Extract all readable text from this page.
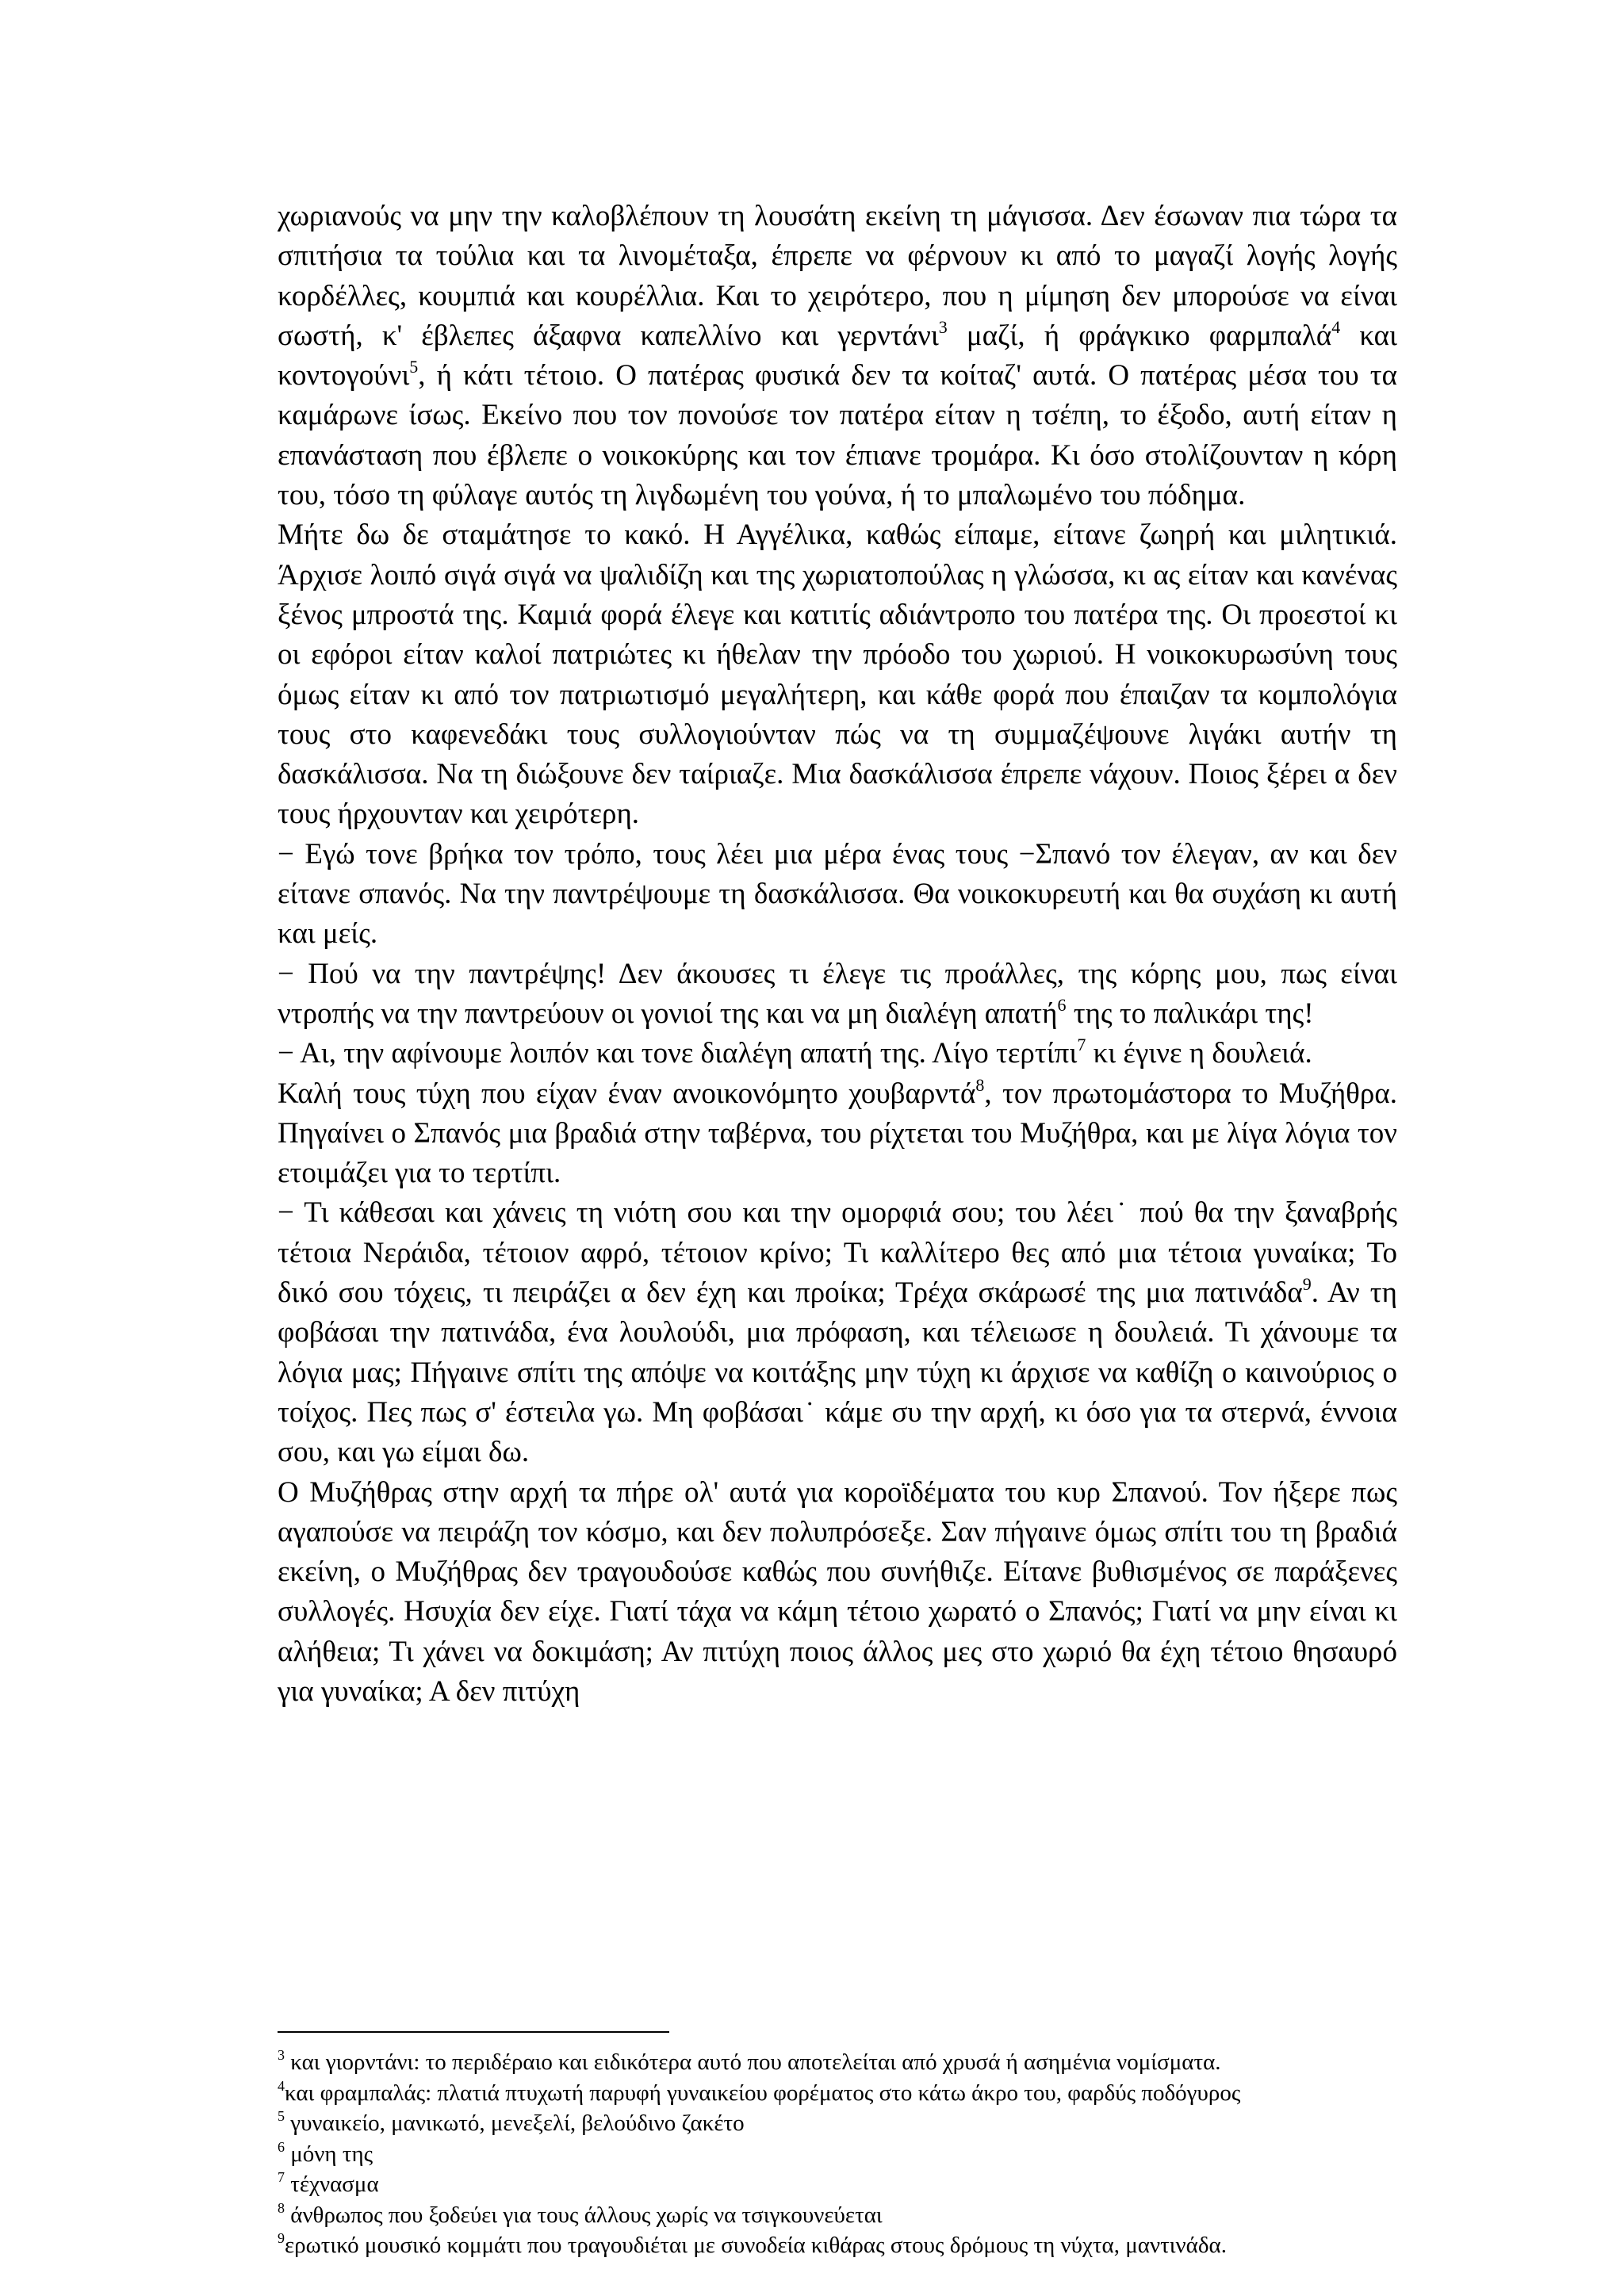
χωριανούς να μην την καλοβλέπουν τη λουσάτη εκείνη τη μάγισσα. Δεν έσωναν πια τώρα τα σπιτήσια τα τούλια και τα λινομέταξα, έπρεπε να φέρνουν κι από το μαγαζί λογής λογής κορδέλλες, κουμπιά και κουρέλλια. Και το χειρότερο, που η μίμηση δεν μπορούσε να είναι σωστή, κ' έβλεπες άξαφνα καπελλίνο και γερντάνι$^3$ μαζί, ή φράγκικο φαρμπαλά$^4$ και κοντογούνι$^5$, ή κάτι τέτοιο. Ο πατέρας φυσικά δεν τα κοίταζ' αυτά. Ο πατέρας μέσα του τα καμάρωνε ίσως. Εκείνο που τον πονούσε τον πατέρα είταν η τσέπη, το έξοδο, αυτή είταν η επανάσταση που έβλεπε ο νοικοκύρης και τον έπιανε τρομάρα. Κι όσο στολίζουνταν η κόρη του, τόσο τη φύλαγε αυτός τη λιγδωμένη του γούνα, ή το μπαλωμένο του πόδημα.

Μήτε δω δε σταμάτησε το κακό. Η Αγγέλικα, καθώς είπαμε, είτανε ζωηρή και μιλητικιά. Άρχισε λοιπό σιγά σιγά να ψαλιδίζη και της χωριατοπούλας η γλώσσα, κι ας είταν και κανένας ξένος μπροστά της. Καμιά φορά έλεγε και κατιτίς αδιάντροπο του πατέρα της. Οι προεστοί κι οι εφόροι είταν καλοί πατριώτες κι ήθελαν την πρόοδο του χωριού. Η νοικοκυρωσύνη τους όμως είταν κι από τον πατριωτισμό μεγαλήτερη, και κάθε φορά που έπαιζαν τα κομπολόγια τους στο καφενεδάκι τους συλλογιούνταν πώς να τη συμμαζέψουνε λιγάκι αυτήν τη δασκάλισσα. Να τη διώξουνε δεν ταίριαζε. Μια δασκάλισσα έπρεπε νάχουν. Ποιος ξέρει α δεν τους ήρχουνταν και χειρότερη.

− Εγώ τονε βρήκα τον τρόπο, τους λέει μια μέρα ένας τους −Σπανό τον έλεγαν, αν και δεν είτανε σπανός. Να την παντρέψουμε τη δασκάλισσα. Θα νοικοκυρευτή και θα συχάση κι αυτή και μείς.

− Πού να την παντρέψης! Δεν άκουσες τι έλεγε τις προάλλες, της κόρης μου, πως είναι ντροπής να την παντρεύουν οι γονιοί της και να μη διαλέγη απατή$^6$ της το παλικάρι της!

− Αι, την αφίνουμε λοιπόν και τονε διαλέγη απατή της. Λίγο τερτίπι$^7$ κι έγινε η δουλειά.

Καλή τους τύχη που είχαν έναν ανοικονόμητο χουβαρντά$^8$, τον πρωτομάστορα το Μυζήθρα. Πηγαίνει ο Σπανός μια βραδιά στην ταβέρνα, του ρίχτεται του Μυζήθρα, και με λίγα λόγια τον ετοιμάζει για το τερτίπι.

− Τι κάθεσαι και χάνεις τη νιότη σου και την ομορφιά σου; του λέει˙ πού θα την ξαναβρής τέτοια Νεράιδα, τέτοιον αφρό, τέτοιον κρίνο; Τι καλλίτερο θες από μια τέτοια γυναίκα; Το δικό σου τόχεις, τι πειράζει α δεν έχη και προίκα; Τρέχα σκάρωσέ της μια πατινάδα$^9$. Αν τη φοβάσαι την πατινάδα, ένα λουλούδι, μια πρόφαση, και τέλειωσε η δουλειά. Τι χάνουμε τα λόγια μας; Πήγαινε σπίτι της απόψε να κοιτάξης μην τύχη κι άρχισε να καθίζη ο καινούριος ο τοίχος. Πες πως σ' έστειλα γω. Μη φοβάσαι˙ κάμε συ την αρχή, κι όσο για τα στερνά, έννοια σου, και γω είμαι δω.

Ο Μυζήθρας στην αρχή τα πήρε ολ' αυτά για κοροϊδέματα του κυρ Σπανού. Τον ήξερε πως αγαπούσε να πειράζη τον κόσμο, και δεν πολυπρόσεξε. Σαν πήγαινε όμως σπίτι του τη βραδιά εκείνη, ο Μυζήθρας δεν τραγουδούσε καθώς που συνήθιζε. Είτανε βυθισμένος σε παράξενες συλλογές. Ησυχία δεν είχε. Γιατί τάχα να κάμη τέτοιο χωρατό ο Σπανός; Γιατί να μην είναι κι αλήθεια; Τι χάνει να δοκιμάση; Αν πιτύχη ποιος άλλος μες στο χωριό θα έχη τέτοιο θησαυρό για γυναίκα; Α δεν πιτύχη

$^3$ και γιορντάνι: το περιδέραιο και ειδικότερα αυτό που αποτελείται από χρυσά ή ασημένια νομίσματα.

$^4$και φραμπαλάς: πλατιά πτυχωτή παρυφή γυναικείου φορέματος στο κάτω άκρο του, φαρδύς ποδόγυρος

$^5$ γυναικείο, μανικωτό, μενεξελί, βελούδινο ζακέτο

$^6$ μόνη της

$^7$ τέχνασμα

$^8$ άνθρωπος που ξοδεύει για τους άλλους χωρίς να τσιγκουνεύεται

$^9$ερωτικό μουσικό κομμάτι που τραγουδιέται με συνοδεία κιθάρας στους δρόμους τη νύχτα, μαντινάδα.
